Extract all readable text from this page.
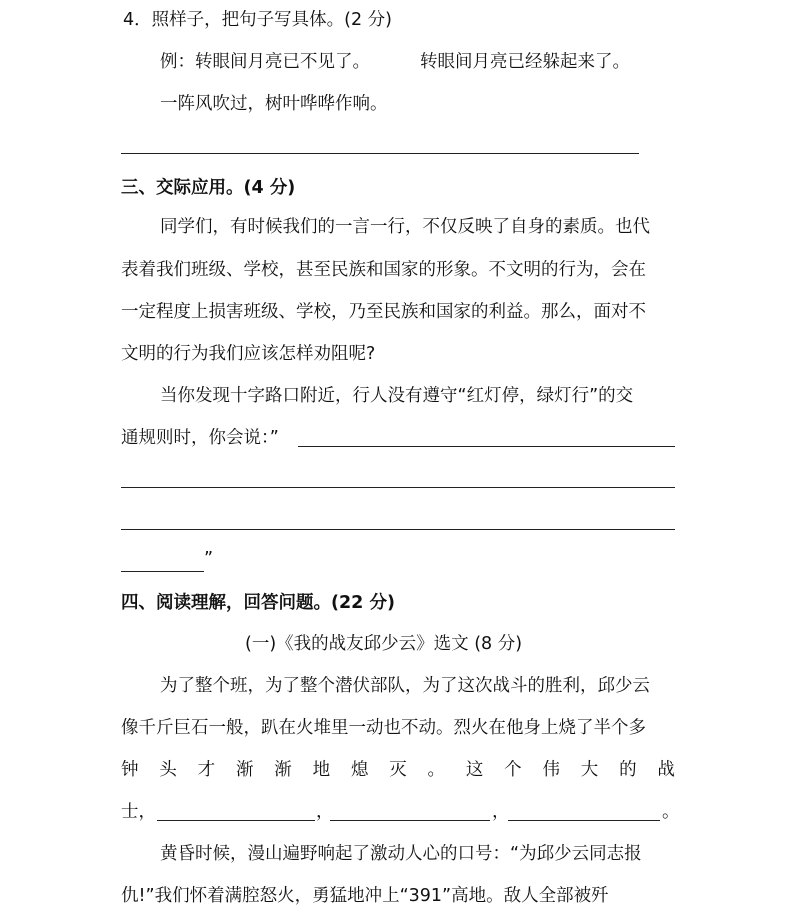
4．照样子，把句子写具体。(2 分)
例：转眼间月亮已不见了。	转眼间月亮已经躲起来了。
一阵风吹过，树叶哗哗作响。
三、交际应用。(4 分)
同学们，有时候我们的一言一行，不仅反映了自身的素质。也代
表着我们班级、学校，甚至民族和国家的形象。不文明的行为，会在
一定程度上损害班级、学校，乃至民族和国家的利益。那么，面对不
文明的行为我们应该怎样劝阻呢?
当你发现十字路口附近，行人没有遵守“红灯停，绿灯行”的交
通规则时，你会说：”
”
四、阅读理解，回答问题。(22 分)
(一)《我的战友邱少云》选文 (8 分)
为了整个班，为了整个潜伏部队，为了这次战斗的胜利，邱少云
像千斤巨石一般，趴在火堆里一动也不动。烈火在他身上烧了半个多
钟 头 才 渐 渐 地 熄 灭 。 这 个 伟 大 的 战
士，	，	，	。
黄昏时候，漫山遍野响起了激动人心的口号：“为邱少云同志报
仇!”我们怀着满腔怒火，勇猛地冲上“391”高地。敌人全部被歼
